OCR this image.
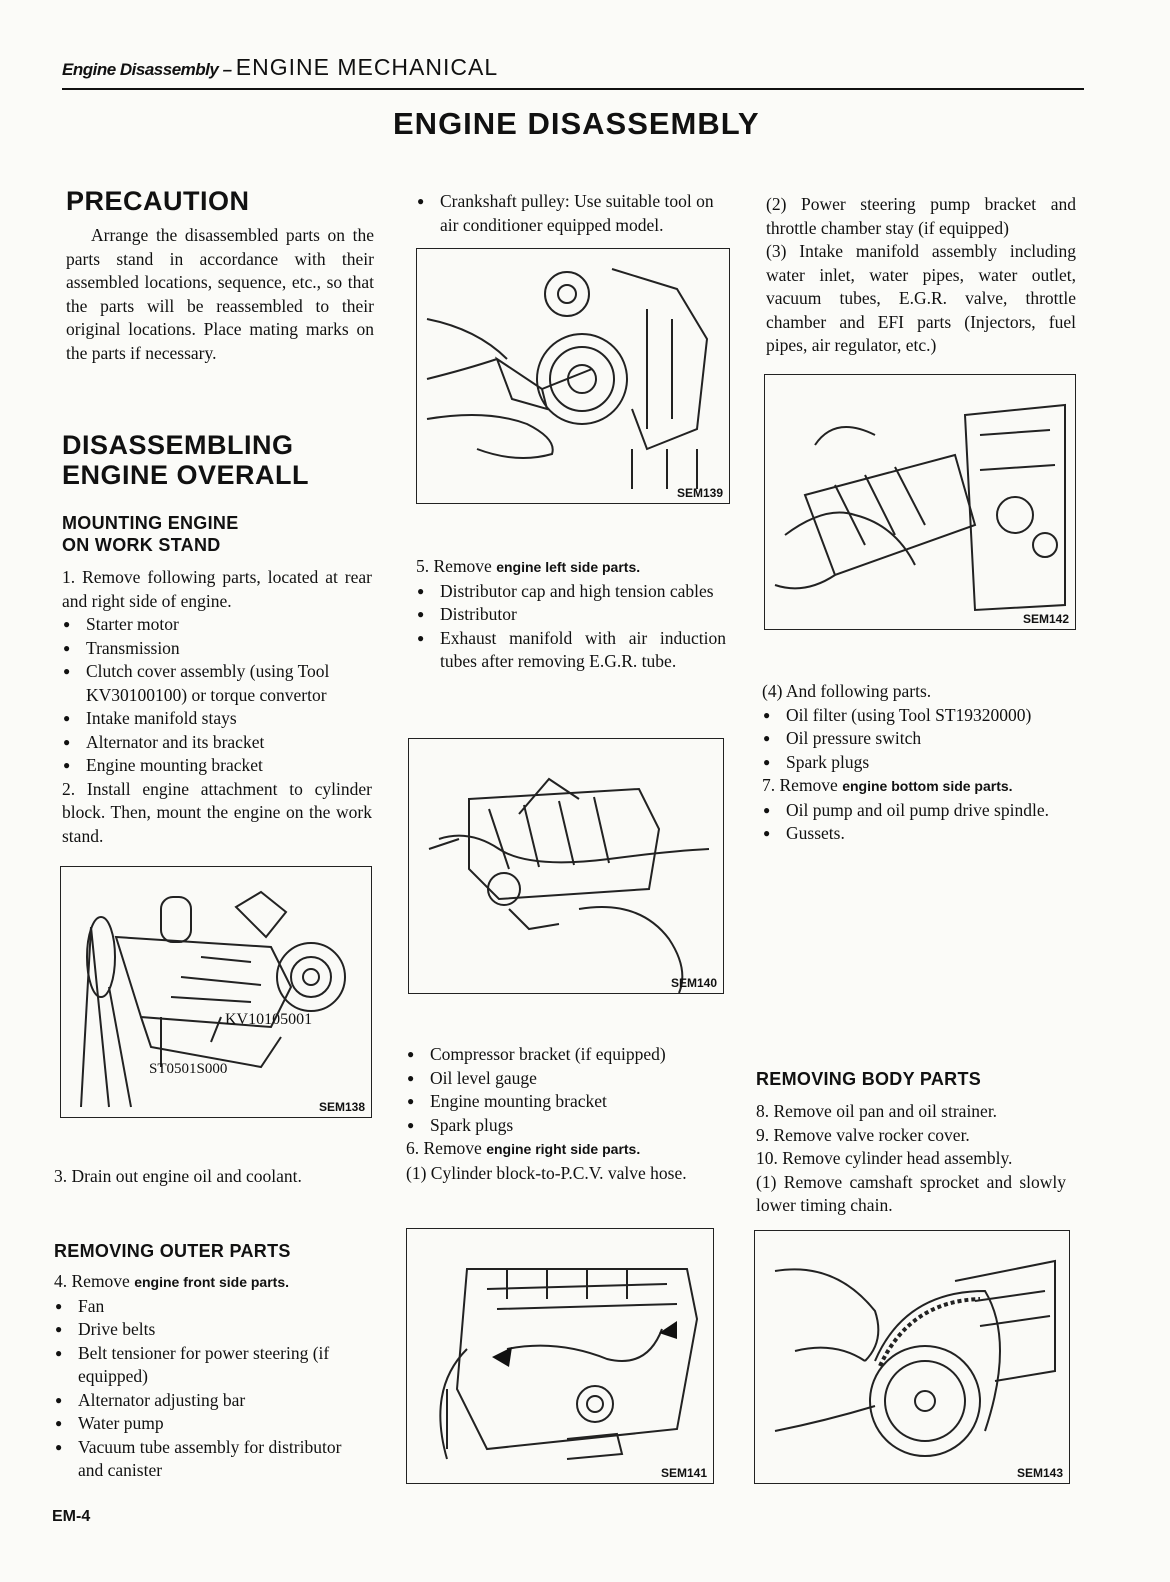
Engine Disassembly – ENGINE MECHANICAL
ENGINE DISASSEMBLY
PRECAUTION
Arrange the disassembled parts on the parts stand in accordance with their assembled locations, sequence, etc., so that the parts will be reassembled to their original locations. Place mating marks on the parts if necessary.
DISASSEMBLING
ENGINE OVERALL
MOUNTING ENGINE
ON WORK STAND
1. Remove following parts, located at rear and right side of engine.
● Starter motor
● Transmission
● Clutch cover assembly (using Tool KV30100100) or torque convertor
● Intake manifold stays
● Alternator and its bracket
● Engine mounting bracket
2. Install engine attachment to cylinder block. Then, mount the engine on the work stand.
KV10105001
ST0501S000
SEM138
3. Drain out engine oil and coolant.
REMOVING OUTER PARTS
4. Remove engine front side parts.
● Fan
● Drive belts
● Belt tensioner for power steering (if equipped)
● Alternator adjusting bar
● Water pump
● Vacuum tube assembly for distributor and canister
● Crankshaft pulley: Use suitable tool on air conditioner equipped model.
SEM139
5. Remove engine left side parts.
● Distributor cap and high tension cables
● Distributor
● Exhaust manifold with air induction tubes after removing E.G.R. tube.
SEM140
● Compressor bracket (if equipped)
● Oil level gauge
● Engine mounting bracket
● Spark plugs
6. Remove engine right side parts.
(1) Cylinder block-to-P.C.V. valve hose.
SEM141
(2) Power steering pump bracket and throttle chamber stay (if equipped)
(3) Intake manifold assembly including water inlet, water pipes, water outlet, vacuum tubes, E.G.R. valve, throttle chamber and EFI parts (Injectors, fuel pipes, air regulator, etc.)
SEM142
(4) And following parts.
● Oil filter (using Tool ST19320000)
● Oil pressure switch
● Spark plugs
7. Remove engine bottom side parts.
● Oil pump and oil pump drive spindle.
● Gussets.
REMOVING BODY PARTS
8. Remove oil pan and oil strainer.
9. Remove valve rocker cover.
10. Remove cylinder head assembly.
(1) Remove camshaft sprocket and slowly lower timing chain.
SEM143
EM-4
